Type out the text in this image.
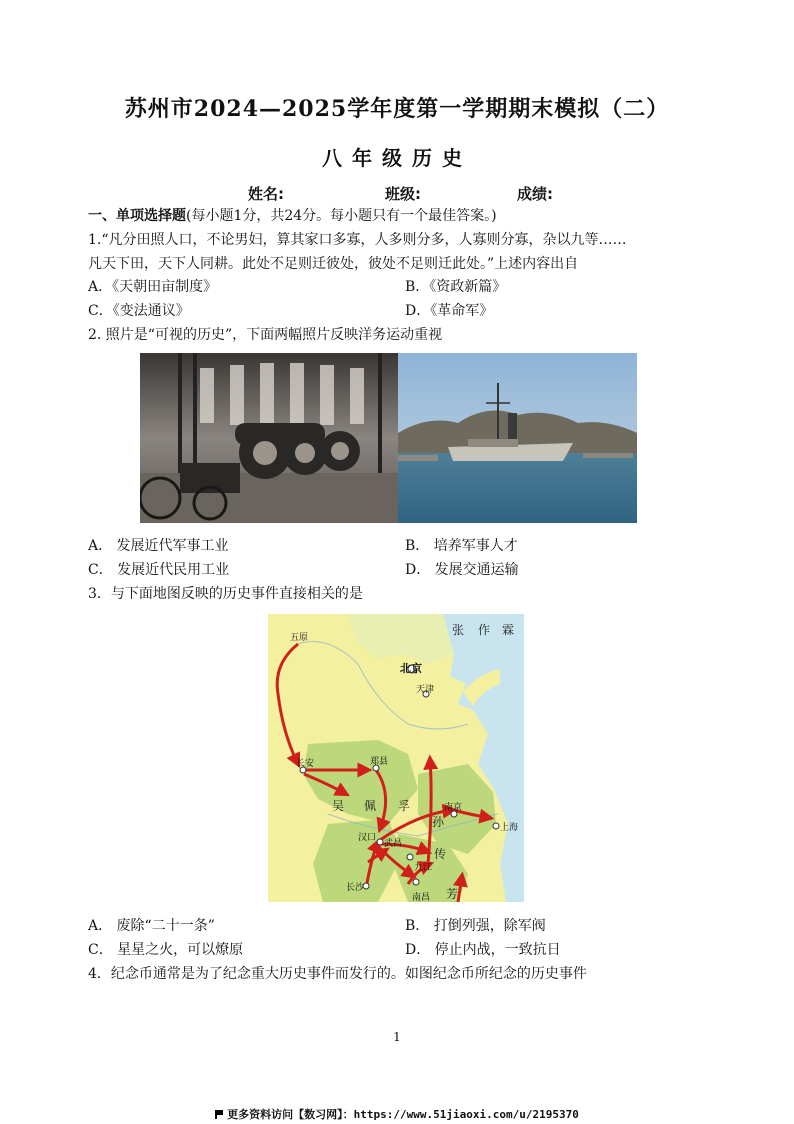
苏州市2024—2025学年度第一学期期末模拟（二）
八年级历史
姓名:	班级:	成绩:
一、单项选择题(每小题1分，共24分。每小题只有一个最佳答案。)
1.“凡分田照人口，不论男妇，算其家口多寡，人多则分多，人寡则分寡，杂以九等……
凡天下田，天下人同耕。此处不足则迁彼处，彼处不足则迁此处。”上述内容出自
A．《天朝田亩制度》	B．《资政新篇》
C．《变法通议》	D．《革命军》
2. 照片是“可视的历史”，下面两幅照片反映洋务运动重视
A． 发展近代军事工业	B． 培养军事人才
C． 发展近代民用工业	D． 发展交通运输
3．与下面地图反映的历史事件直接相关的是
五原
北京
天津
长安	郑县
南京
上海
汉口
武昌
九江
长沙
南昌
张 作 霖
吴 佩 孚
孙
传
芳
A． 废除“二十一条”	B． 打倒列强，除军阀
C． 星星之火，可以燎原	D． 停止内战，一致抗日
4．纪念币通常是为了纪念重大历史事件而发行的。如图纪念币所纪念的历史事件
1
更多资料访问【数习网】：https://www.51jiaoxi.com/u/2195370
